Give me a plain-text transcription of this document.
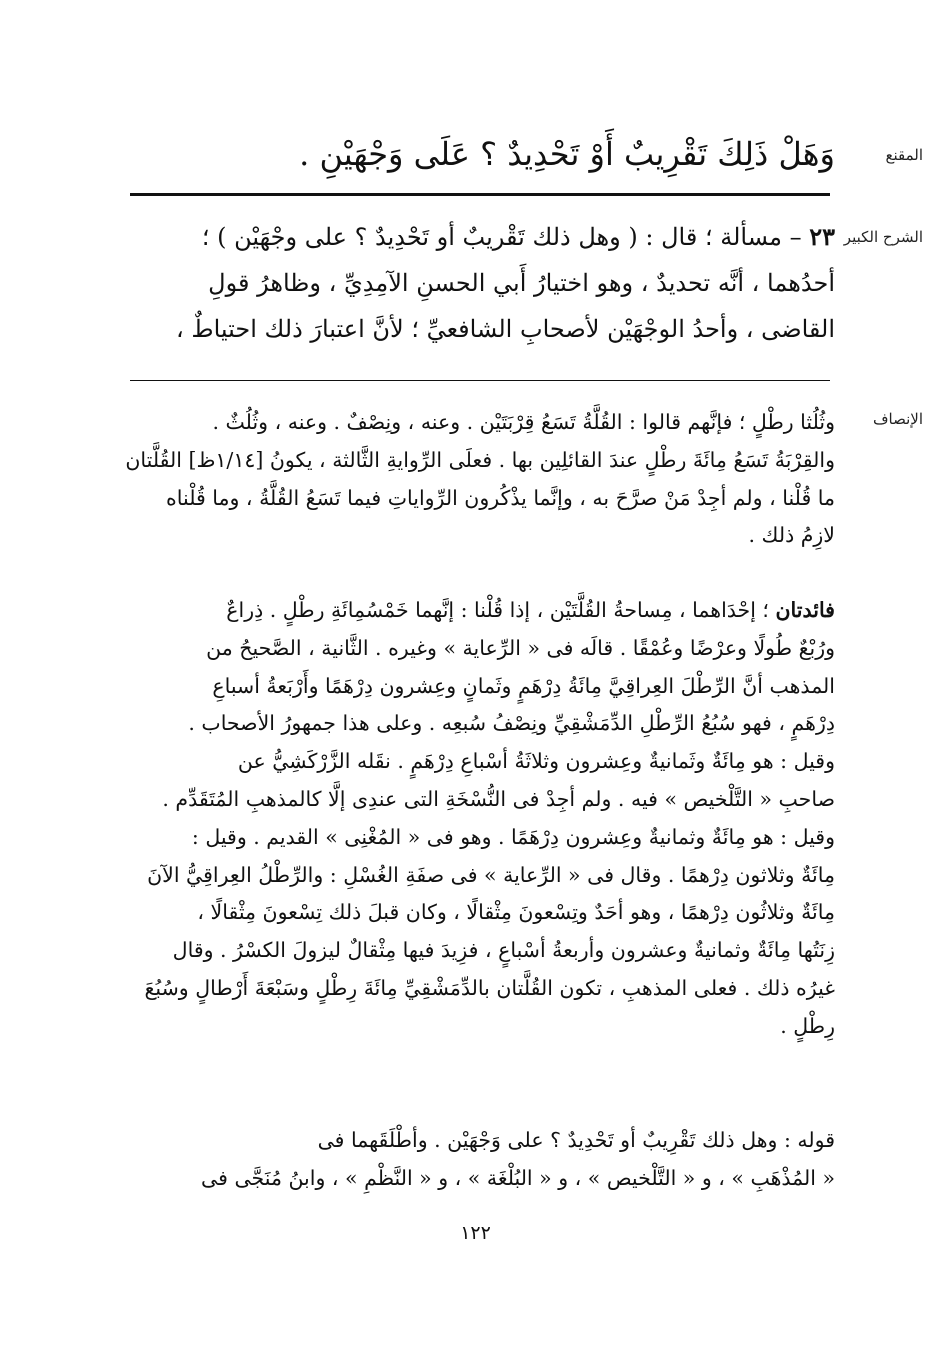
المقنع
وَهَلْ ذَلِكَ تَقْرِيبٌ أَوْ تَحْدِيدٌ ؟ عَلَى وَجْهَيْنِ .
الشرح الكبير
٢٣ – مسألة ؛ قال : ( وهل ذلك تَقْريبٌ أو تَحْدِيدٌ ؟ على وجْهَيْن ) ؛
أحدُهما ، أنَّه تحديدٌ ، وهو اختيارُ أَبي الحسنِ الآمِدِيِّ ، وظاهرُ قولِ
القاضى ، وأحدُ الوجْهَيْن لأصحابِ الشافعيِّ ؛ لأنَّ اعتبارَ ذلك احتياطٌ ،
الإنصاف
وثُلُثا رطْلٍ ؛ فإنَّهم قالوا : القُلَّةُ تَسَعُ قِرْبَتَيْن . وعنه ، ونِصْفٌ . وعنه ، وثُلُثٌ .
والقِرْبَةُ تَسَعُ مِائَةَ رطْلٍ عندَ القائلِين بها . فعلَى الرِّوايةِ الثَّالثة ، يكونُ [١/١٤ظ] القُلَّتان
ما قُلْنا ، ولم أجِدْ مَنْ صرَّحَ به ، وإنَّما يذْكُرون الرِّواياتِ فيما تَسَعُ القُلَّةُ ، وما قُلْناه
لازِمُ ذلك .
فائدتان ؛ إحْدَاهما ، مِساحةُ القُلَّتَيْن ، إذا قُلْنا : إنَّهما خَمْسُمِائَةِ رطْلٍ . ذِراعٌ
ورُبْعٌ طُولًا وعرْضًا وعُمْقًا . قالَه فى « الرِّعاية » وغيره . الثَّانية ، الصَّحيحُ من
المذهب أنَّ الرِّطْلَ العِراقِيَّ مِائَةُ دِرْهَمٍ وثَمانٍ وعِشرون دِرْهَمًا وأَرْبَعةُ أسباعِ
دِرْهَمٍ ، فهو سُبُعُ الرِّطْلِ الدِّمَشْقِيِّ ونِصْفُ سُبعِه . وعلى هذا جمهورُ الأصحاب .
وقيل : هو مِائَةٌ وثَمانيةٌ وعِشرون وثلاثَةُ أسْباعِ دِرْهَمٍ . نقَله الزَّرْكَشِيُّ عن
صاحبِ « التَّلْخيص » فيه . ولم أجِدْ فى النُّسْخَةِ التى عندِى إلَّا كالمذهبِ المُتَقَدِّم .
وقيل : هو مِائَةٌ وثمانيةٌ وعِشرون دِرْهَمًا . وهو فى « المُغْنِى » القديم . وقيل :
مِائَةٌ وثلاثون دِرْهمًا . وقال فى « الرِّعاية » فى صفَةِ الغُسْلِ : والرِّطْلُ العِراقِيُّ الآنَ
مِائَةٌ وثلاثُون دِرْهمًا ، وهو أحَدٌ وتِسْعونَ مِثْقالًا ، وكان قبلَ ذلك تِسْعونَ مِثْقالًا ،
زِنَتُها مِائَةٌ وثمانيةٌ وعشرون وأربعةُ أسْباعٍ ، فزِيدَ فيها مِثْقالٌ ليزولَ الكسْرُ . وقال
غيرُه ذلك . فعلى المذهبِ ، تكون القُلَّتان بالدِّمَشْقِيِّ مِائَةَ رِطْلٍ وسَبْعَةَ أَرْطالٍ وسُبُعَ
رِطْلٍ .
قوله : وهل ذلك تَقْرِيبٌ أو تَحْدِيدٌ ؟ على وَجْهَيْن . وأطْلَقَهما فى
« المُذْهَبِ » ، و « التَّلْخيص » ، و « البُلْغَة » ، و « النَّظْمِ » ، وابنُ مُنَجَّى فى
١٢٢
